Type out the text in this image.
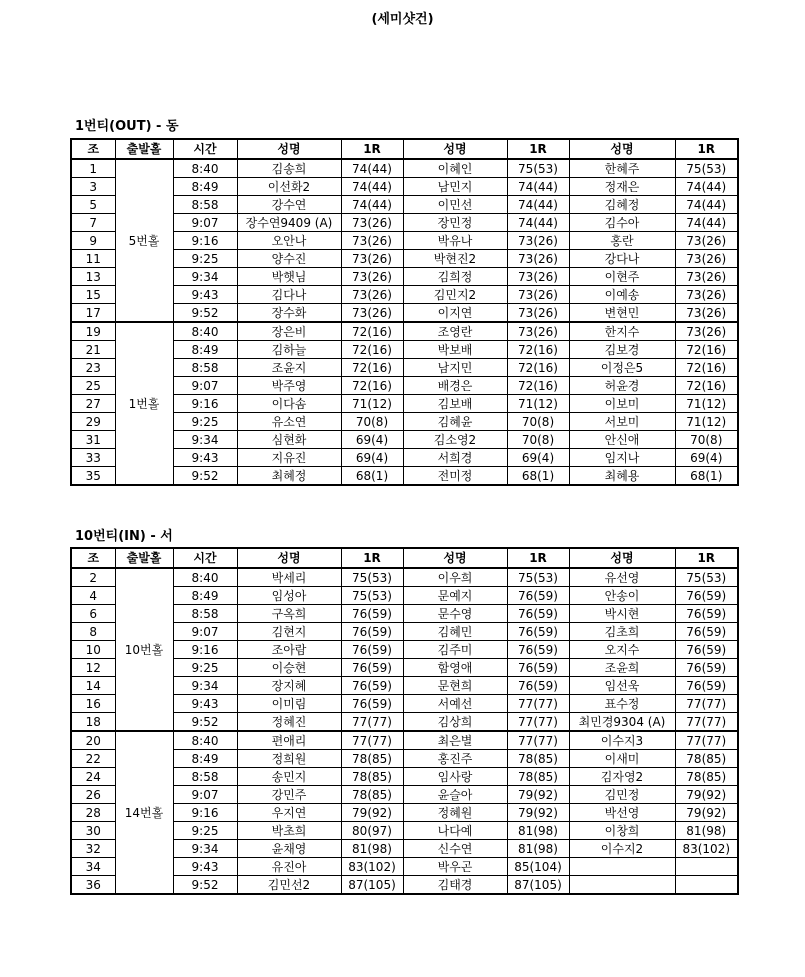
(세미샷건)
1번티(OUT) - 동
10번티(IN) - 서
조	출발홀	시간	성명	1R	성명	1R	성명	1R
1	5번홀	8:40	김송희	74(44)	이혜인	75(53)	한혜주	75(53)
3		8:49	이선화2	74(44)	남민지	74(44)	정재은	74(44)
5		8:58	강수연	74(44)	이민선	74(44)	김혜정	74(44)
7		9:07	장수연9409 (A)	73(26)	장민정	74(44)	김수아	74(44)
9		9:16	오안나	73(26)	박유나	73(26)	홍란	73(26)
11		9:25	양수진	73(26)	박현진2	73(26)	강다나	73(26)
13		9:34	박햇님	73(26)	김희정	73(26)	이현주	73(26)
15		9:43	김다나	73(26)	김민지2	73(26)	이예송	73(26)
17		9:52	장수화	73(26)	이지연	73(26)	변현민	73(26)
19	1번홀	8:40	장은비	72(16)	조영란	73(26)	한지수	73(26)
21		8:49	김하늘	72(16)	박보배	72(16)	김보경	72(16)
23		8:58	조윤지	72(16)	남지민	72(16)	이정은5	72(16)
25		9:07	박주영	72(16)	배경은	72(16)	허윤경	72(16)
27		9:16	이다솜	71(12)	김보배	71(12)	이보미	71(12)
29		9:25	유소연	70(8)	김혜윤	70(8)	서보미	71(12)
31		9:34	심현화	69(4)	김소영2	70(8)	안신애	70(8)
33		9:43	지유진	69(4)	서희경	69(4)	임지나	69(4)
35		9:52	최혜정	68(1)	전미정	68(1)	최혜용	68(1)
조	출발홀	시간	성명	1R	성명	1R	성명	1R
2	10번홀	8:40	박세리	75(53)	이우희	75(53)	유선영	75(53)
4		8:49	임성아	75(53)	문예지	76(59)	안송이	76(59)
6		8:58	구옥희	76(59)	문수영	76(59)	박시현	76(59)
8		9:07	김현지	76(59)	김혜민	76(59)	김초희	76(59)
10		9:16	조아람	76(59)	김주미	76(59)	오지수	76(59)
12		9:25	이승현	76(59)	함영애	76(59)	조윤희	76(59)
14		9:34	장지혜	76(59)	문현희	76(59)	임선욱	76(59)
16		9:43	이미림	76(59)	서예선	77(77)	표수정	77(77)
18		9:52	정혜진	77(77)	김상희	77(77)	최민경9304 (A)	77(77)
20	14번홀	8:40	편애리	77(77)	최은별	77(77)	이수지3	77(77)
22		8:49	정희원	78(85)	홍진주	78(85)	이새미	78(85)
24		8:58	송민지	78(85)	임사랑	78(85)	김자영2	78(85)
26		9:07	강민주	78(85)	윤슬아	79(92)	김민정	79(92)
28		9:16	우지연	79(92)	정혜원	79(92)	박선영	79(92)
30		9:25	박초희	80(97)	나다예	81(98)	이창희	81(98)
32		9:34	윤채영	81(98)	신수연	81(98)	이수지2	83(102)
34		9:43	유진아	83(102)	박우곤	85(104)		
36		9:52	김민선2	87(105)	김태경	87(105)		
